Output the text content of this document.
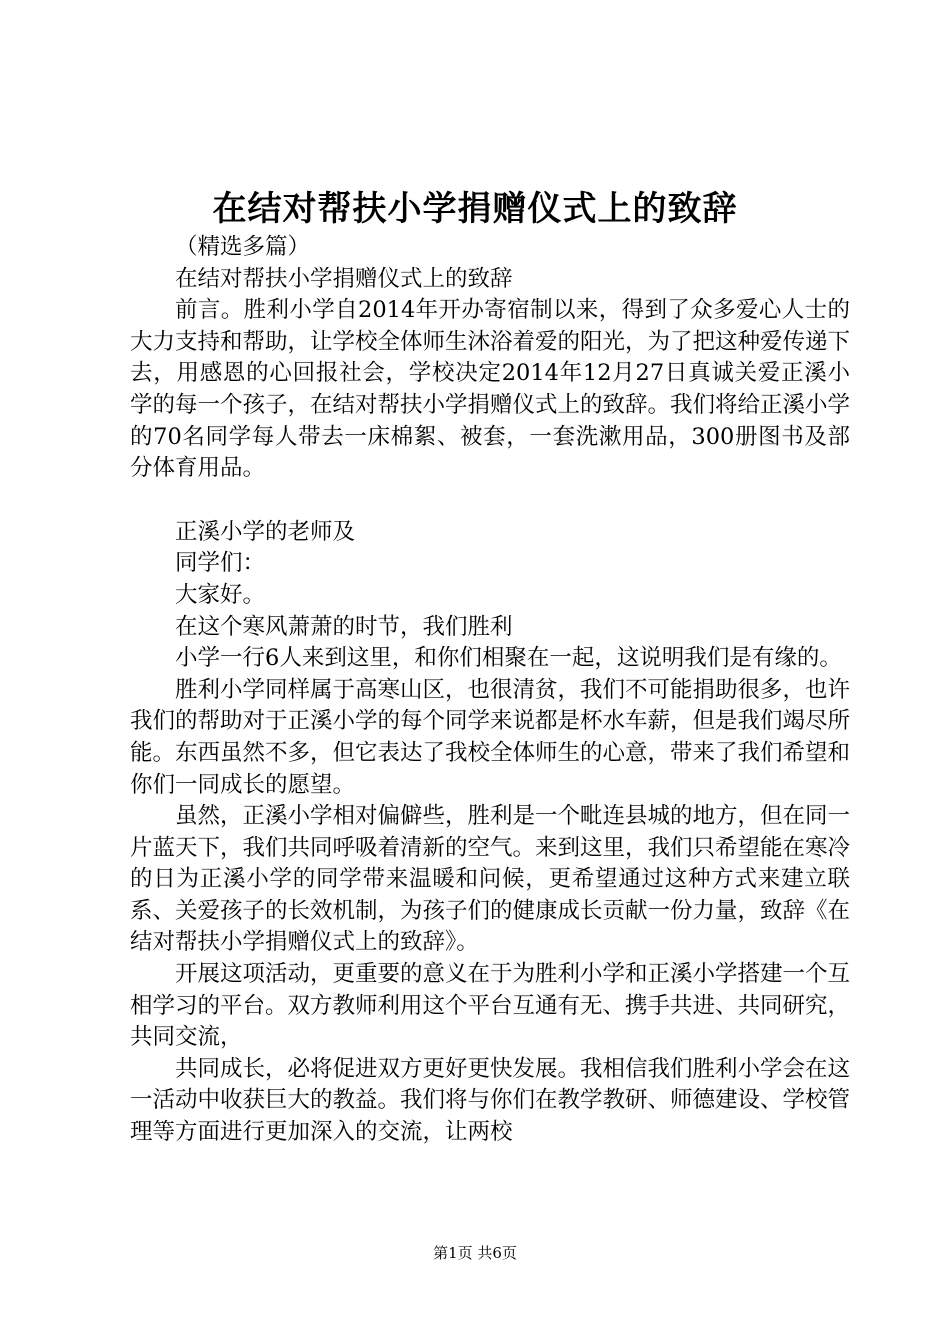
在结对帮扶小学捐赠仪式上的致辞

（精选多篇）

在结对帮扶小学捐赠仪式上的致辞

前言。胜利小学自2014年开办寄宿制以来，得到了众多爱心人士的大力支持和帮助，让学校全体师生沐浴着爱的阳光，为了把这种爱传递下去，用感恩的心回报社会，学校决定2014年12月27日真诚关爱正溪小学的每一个孩子，在结对帮扶小学捐赠仪式上的致辞。我们将给正溪小学的70名同学每人带去一床棉絮、被套，一套洗漱用品，300册图书及部分体育用品。

正溪小学的老师及

同学们：

大家好。

在这个寒风萧萧的时节，我们胜利

小学一行6人来到这里，和你们相聚在一起，这说明我们是有缘的。

胜利小学同样属于高寒山区，也很清贫，我们不可能捐助很多，也许我们的帮助对于正溪小学的每个同学来说都是杯水车薪，但是我们竭尽所能。东西虽然不多，但它表达了我校全体师生的心意，带来了我们希望和你们一同成长的愿望。

虽然，正溪小学相对偏僻些，胜利是一个毗连县城的地方，但在同一片蓝天下，我们共同呼吸着清新的空气。来到这里，我们只希望能在寒冷的日为正溪小学的同学带来温暖和问候，更希望通过这种方式来建立联系、关爱孩子的长效机制，为孩子们的健康成长贡献一份力量，致辞《在结对帮扶小学捐赠仪式上的致辞》。

开展这项活动，更重要的意义在于为胜利小学和正溪小学搭建一个互相学习的平台。双方教师利用这个平台互通有无、携手共进、共同研究，共同交流，

共同成长，必将促进双方更好更快发展。我相信我们胜利小学会在这一活动中收获巨大的教益。我们将与你们在教学教研、师德建设、学校管理等方面进行更加深入的交流，让两校

第1页 共6页
